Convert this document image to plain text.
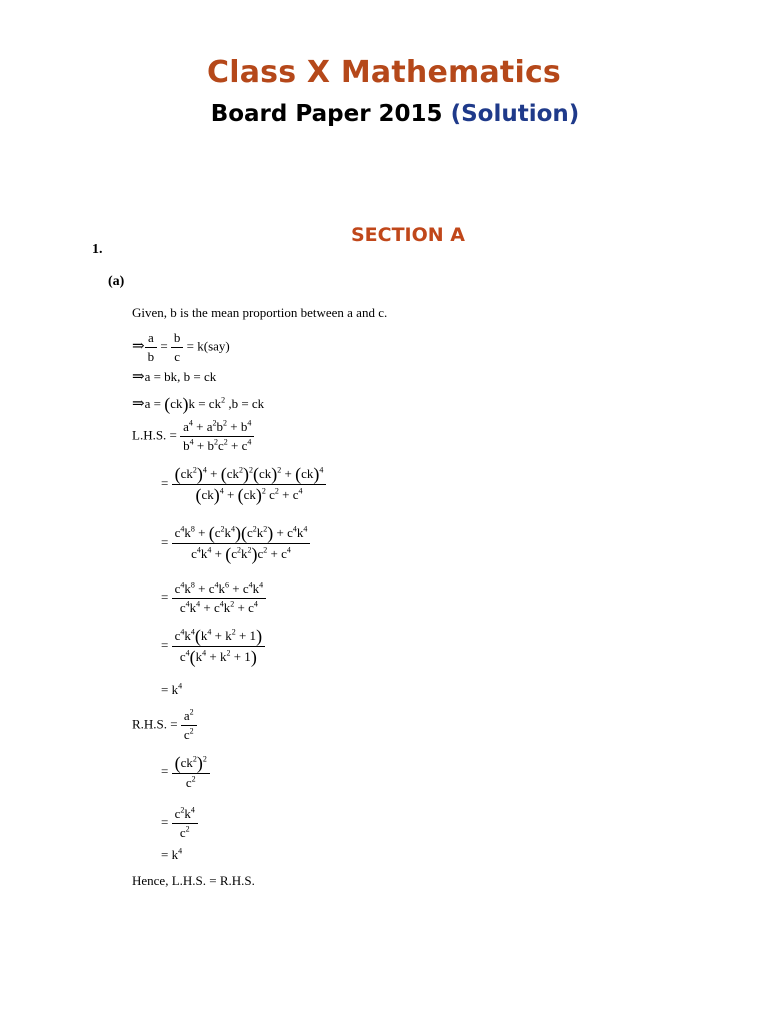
Class X Mathematics
Board Paper 2015 (Solution)
SECTION A
1.
(a)
Given, b is the mean proportion between a and c.
⇒ $\frac{a}{b} = \frac{b}{c} = k(say)$
⇒a = bk, b = ck
⇒a = $(ck)k = ck^2$ ,b = ck
L.H.S. = $\frac{a^4 + a^2b^2 + b^4}{b^4 + b^2c^2 + c^4}$
= $\frac{(ck^2)^4 + (ck^2)^2(ck)^2 + (ck)^4}{(ck)^4 + (ck)^2 c^2 + c^4}$
= $\frac{c^4k^8 + (c^2k^4)(c^2k^2) + c^4k^4}{c^4k^4 + (c^2k^2)c^2 + c^4}$
= $\frac{c^4k^8 + c^4k^6 + c^4k^4}{c^4k^4 + c^4k^2 + c^4}$
= $\frac{c^4k^4(k^4 + k^2 + 1)}{c^4(k^4 + k^2 + 1)}$
= $k^4$
R.H.S. = $\frac{a^2}{c^2}$
= $\frac{(ck^2)^2}{c^2}$
= $\frac{c^2k^4}{c^2}$
= $k^4$
Hence, L.H.S. = R.H.S.
